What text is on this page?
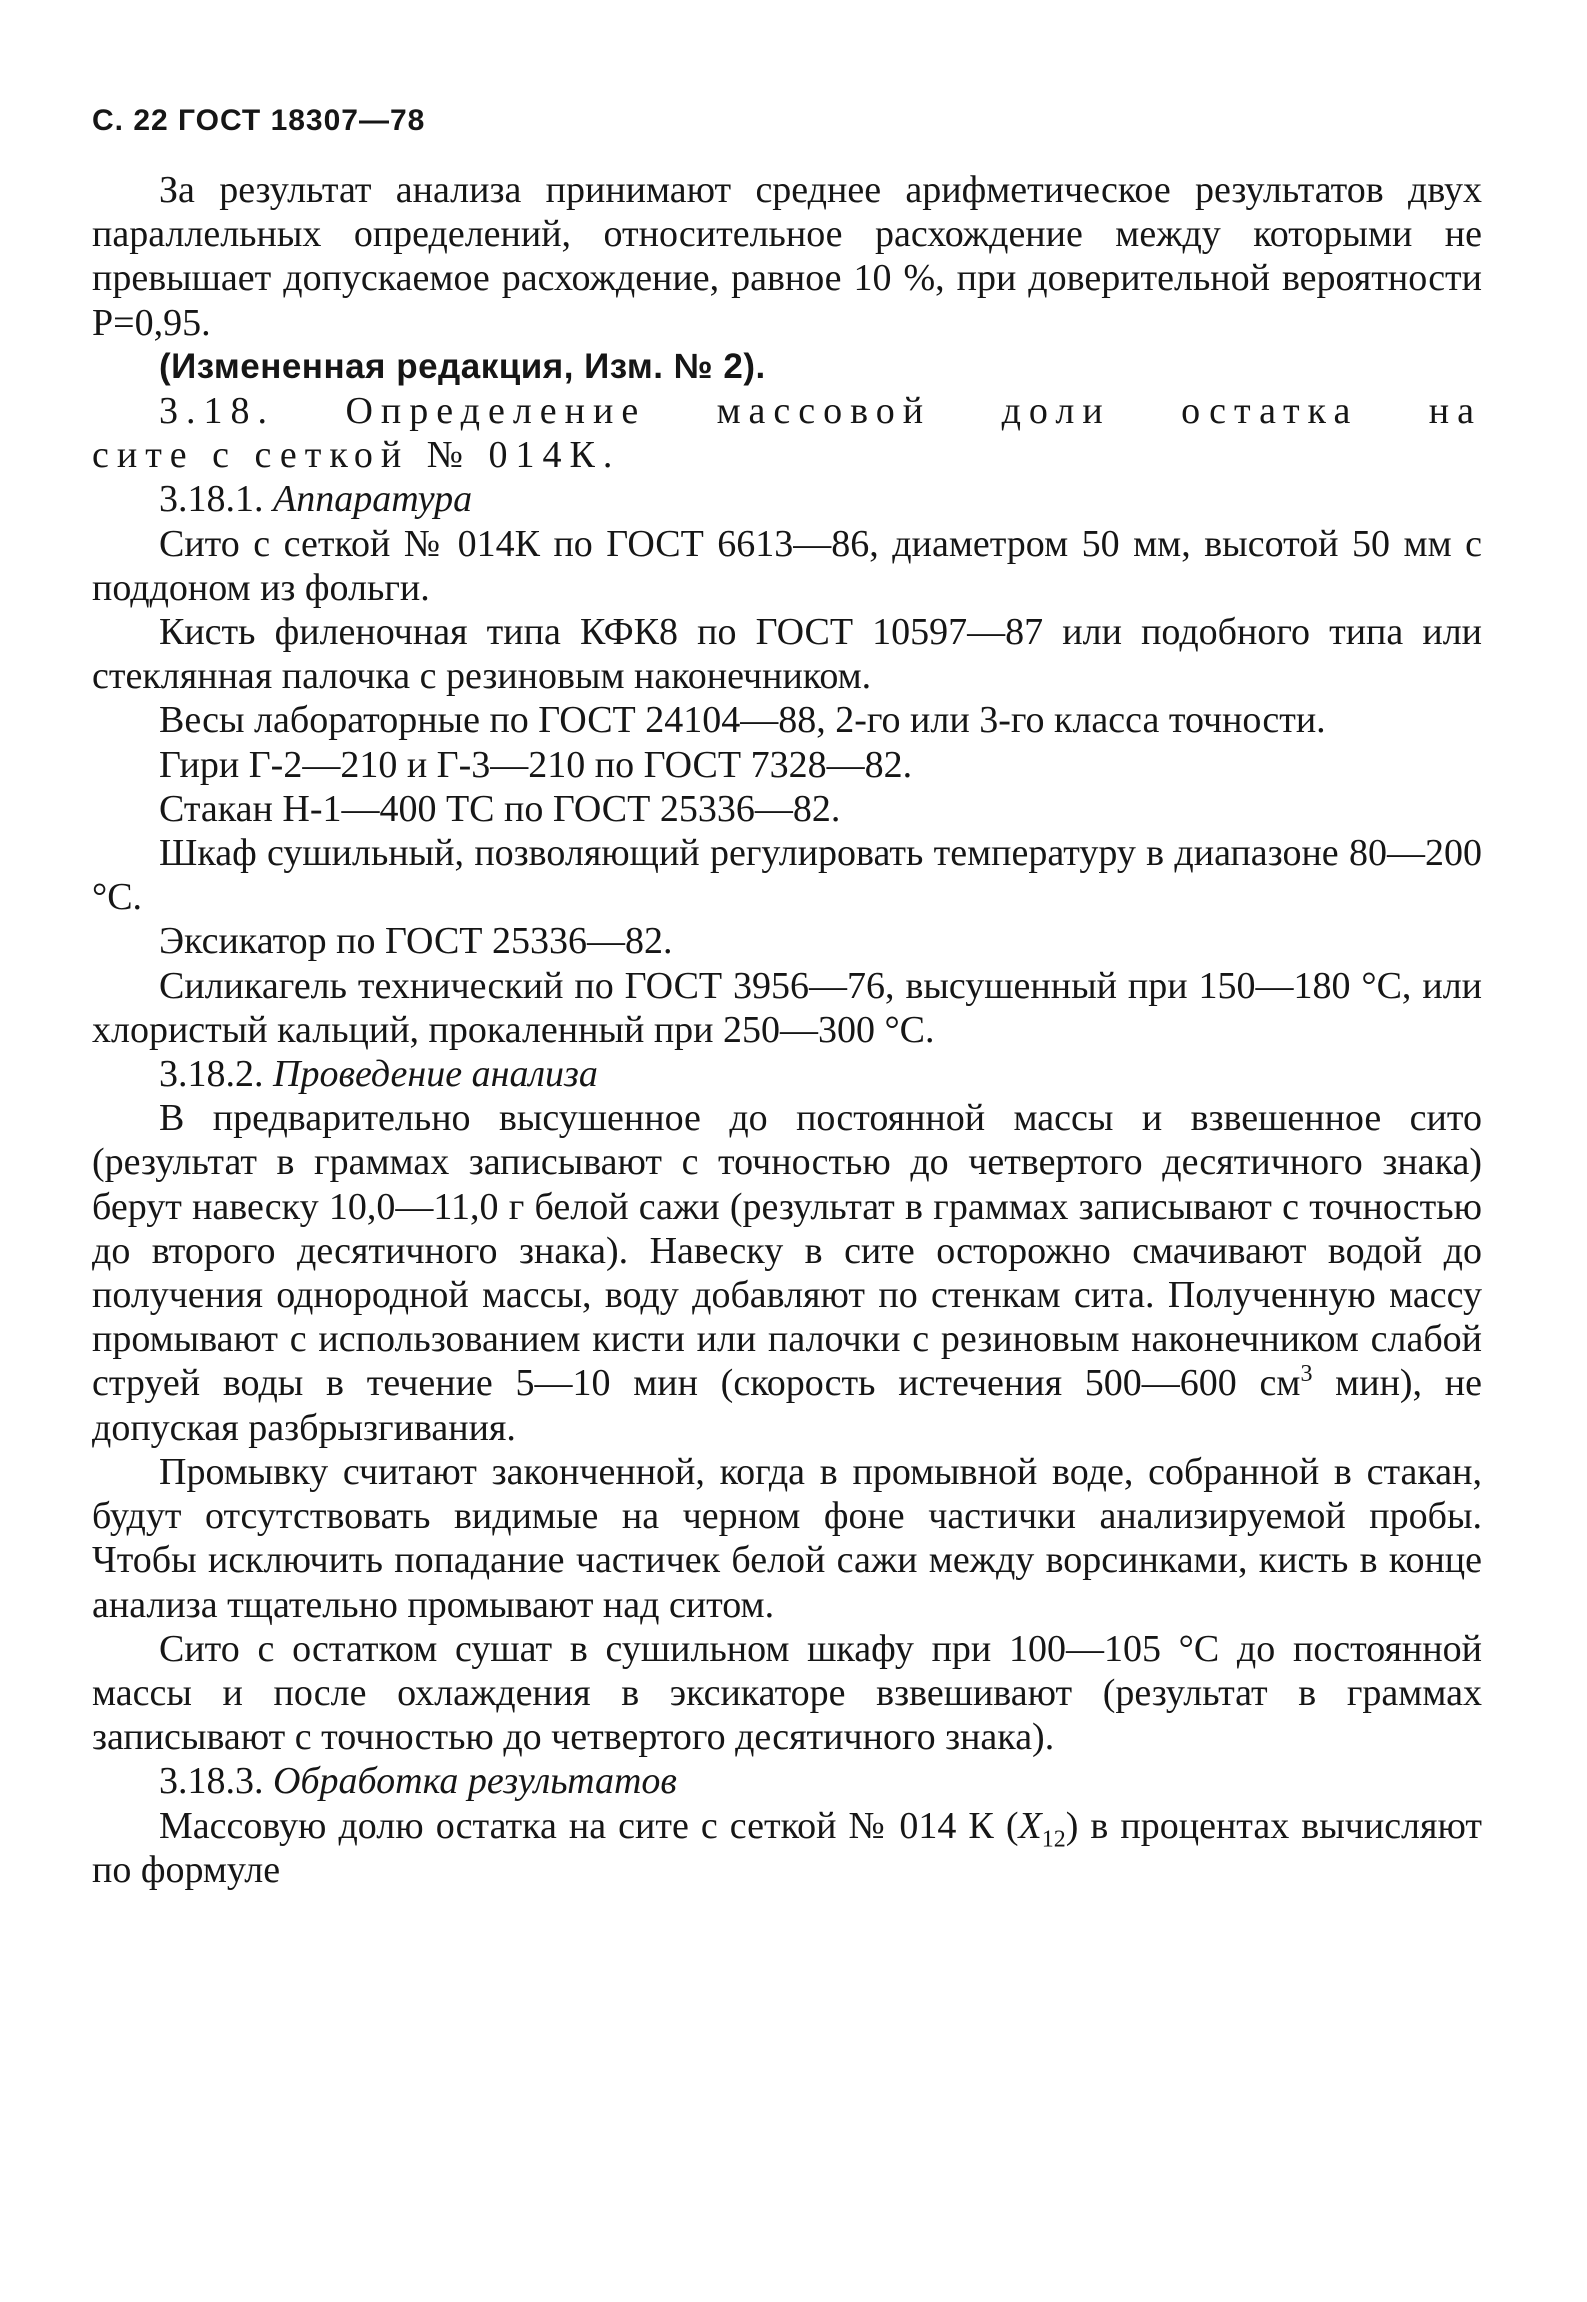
С. 22 ГОСТ 18307—78

За результат анализа принимают среднее арифметическое результатов двух параллельных определений, относительное расхождение между которыми не превышает допускаемое расхождение, равное 10 %, при доверительной вероятности P=0,95.

(Измененная редакция, Изм. № 2).

3.18. Определение массовой доли остатка на

сите с сеткой № 014К.

3.18.1. Аппаратура

Сито с сеткой № 014К по ГОСТ 6613—86, диаметром 50 мм, высотой 50 мм с поддоном из фольги.

Кисть филеночная типа КФК8 по ГОСТ 10597—87 или подобного типа или стеклянная палочка с резиновым наконечником.

Весы лабораторные по ГОСТ 24104—88, 2-го или 3-го класса точности.

Гири Г-2—210 и Г-3—210 по ГОСТ 7328—82.

Стакан Н-1—400 ТС по ГОСТ 25336—82.

Шкаф сушильный, позволяющий регулировать температуру в диапазоне 80—200 °С.

Эксикатор по ГОСТ 25336—82.

Силикагель технический по ГОСТ 3956—76, высушенный при 150—180 °С, или хлористый кальций, прокаленный при 250—300 °С.

3.18.2. Проведение анализа

В предварительно высушенное до постоянной массы и взвешенное сито (результат в граммах записывают с точностью до четвертого десятичного знака) берут навеску 10,0—11,0 г белой сажи (результат в граммах записывают с точностью до второго десятичного знака). Навеску в сите осторожно смачивают водой до получения однородной массы, воду добавляют по стенкам сита. Полученную массу промывают с использованием кисти или палочки с резиновым наконечником слабой струей воды в течение 5—10 мин (скорость истечения 500—600 $см^3$ мин), не допуская разбрызгивания.

Промывку считают законченной, когда в промывной воде, собранной в стакан, будут отсутствовать видимые на черном фоне частички анализируемой пробы. Чтобы исключить попадание частичек белой сажи между ворсинками, кисть в конце анализа тщательно промывают над ситом.

Сито с остатком сушат в сушильном шкафу при 100—105 °С до постоянной массы и после охлаждения в эксикаторе взвешивают (результат в граммах записывают с точностью до четвертого десятичного знака).

3.18.3. Обработка результатов

Массовую долю остатка на сите с сеткой № 014 К $(X_{12})$ в процентах вычисляют по формуле
